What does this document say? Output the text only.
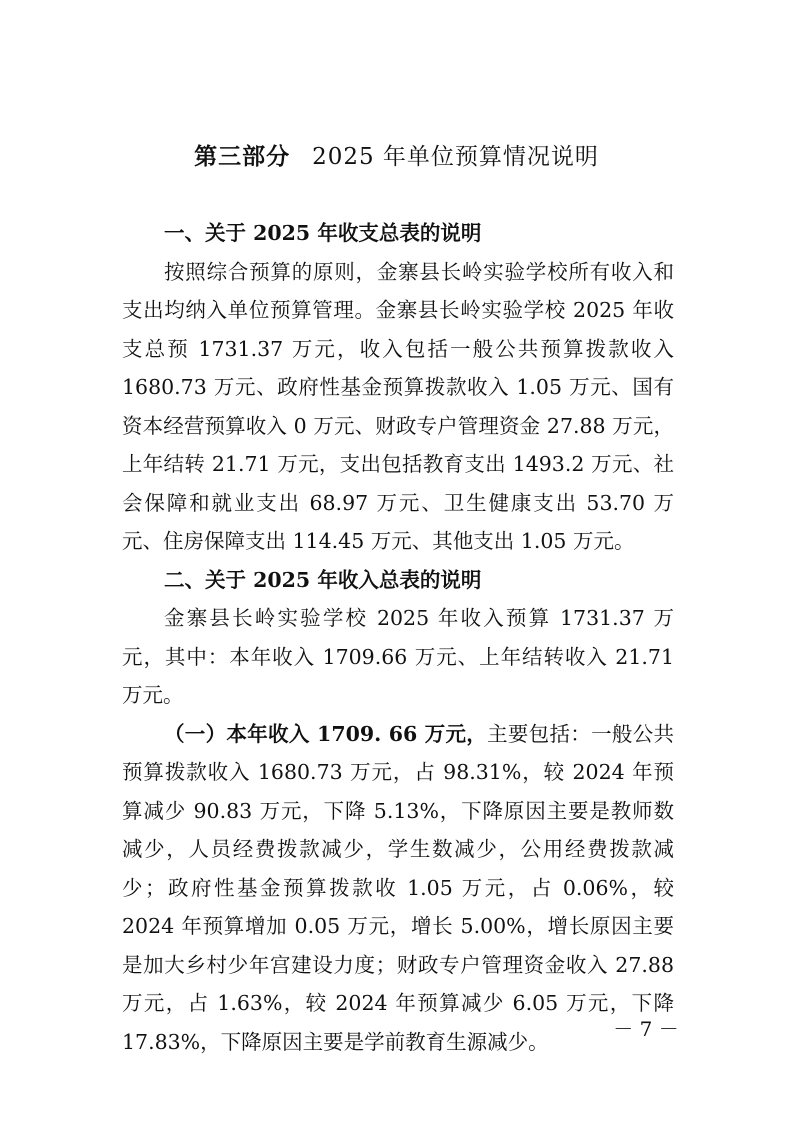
第三部分 2025 年单位预算情况说明

一、关于 2025 年收支总表的说明

按照综合预算的原则，金寨县长岭实验学校所有收入和支出均纳入单位预算管理。金寨县长岭实验学校 2025 年收支总预 1731.37 万元，收入包括一般公共预算拨款收入 1680.73 万元、政府性基金预算拨款收入 1.05 万元、国有资本经营预算收入 0 万元、财政专户管理资金 27.88 万元，上年结转 21.71 万元，支出包括教育支出 1493.2 万元、社会保障和就业支出 68.97 万元、卫生健康支出 53.70 万元、住房保障支出 114.45 万元、其他支出 1.05 万元。

二、关于 2025 年收入总表的说明

金寨县长岭实验学校 2025 年收入预算 1731.37 万元，其中：本年收入 1709.66 万元、上年结转收入 21.71 万元。

（一）本年收入 1709. 66 万元，主要包括：一般公共预算拨款收入 1680.73 万元，占 98.31%，较 2024 年预算减少 90.83 万元，下降 5.13%，下降原因主要是教师数减少，人员经费拨款减少，学生数减少，公用经费拨款减少；政府性基金预算拨款收 1.05 万元，占 0.06%，较 2024 年预算增加 0.05 万元，增长 5.00%，增长原因主要是加大乡村少年宫建设力度；财政专户管理资金收入 27.88 万元，占 1.63%，较 2024 年预算减少 6.05 万元，下降 17.83%，下降原因主要是学前教育生源减少。

－ 7 －
